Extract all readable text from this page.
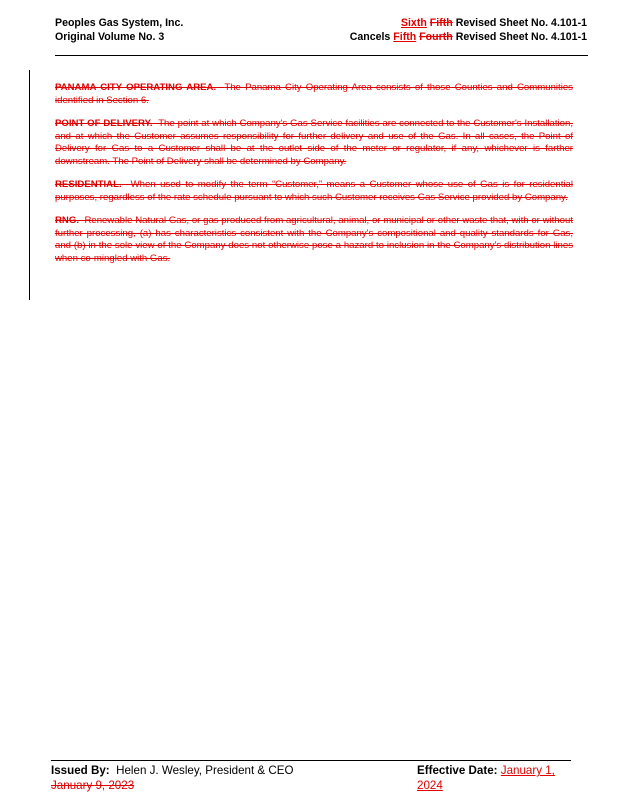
Peoples Gas System, Inc.
Original Volume No. 3
Sixth Fifth Revised Sheet No. 4.101-1
Cancels Fifth Fourth Revised Sheet No. 4.101-1

PANAMA CITY OPERATING AREA. The Panama City Operating Area consists of those Counties and Communities identified in Section 6.

POINT OF DELIVERY. The point at which Company's Gas Service facilities are connected to the Customer's Installation, and at which the Customer assumes responsibility for further delivery and use of the Gas. In all cases, the Point of Delivery for Gas to a Customer shall be at the outlet side of the meter or regulator, if any, whichever is farther downstream. The Point of Delivery shall be determined by Company.

RESIDENTIAL. When used to modify the term “Customer,” means a Customer whose use of Gas is for residential purposes, regardless of the rate schedule pursuant to which such Customer receives Gas Service provided by Company.

RNG. Renewable Natural Gas, or gas produced from agricultural, animal, or municipal or other waste that, with or without further processing, (a) has characteristics consistent with the Company's compositional and quality standards for Gas, and (b) in the sole view of the Company does not otherwise pose a hazard to inclusion in the Company's distribution lines when co-mingled with Gas.

Issued By: Helen J. Wesley, President & CEO
January 9, 2023
Effective Date: January 1, 2024
